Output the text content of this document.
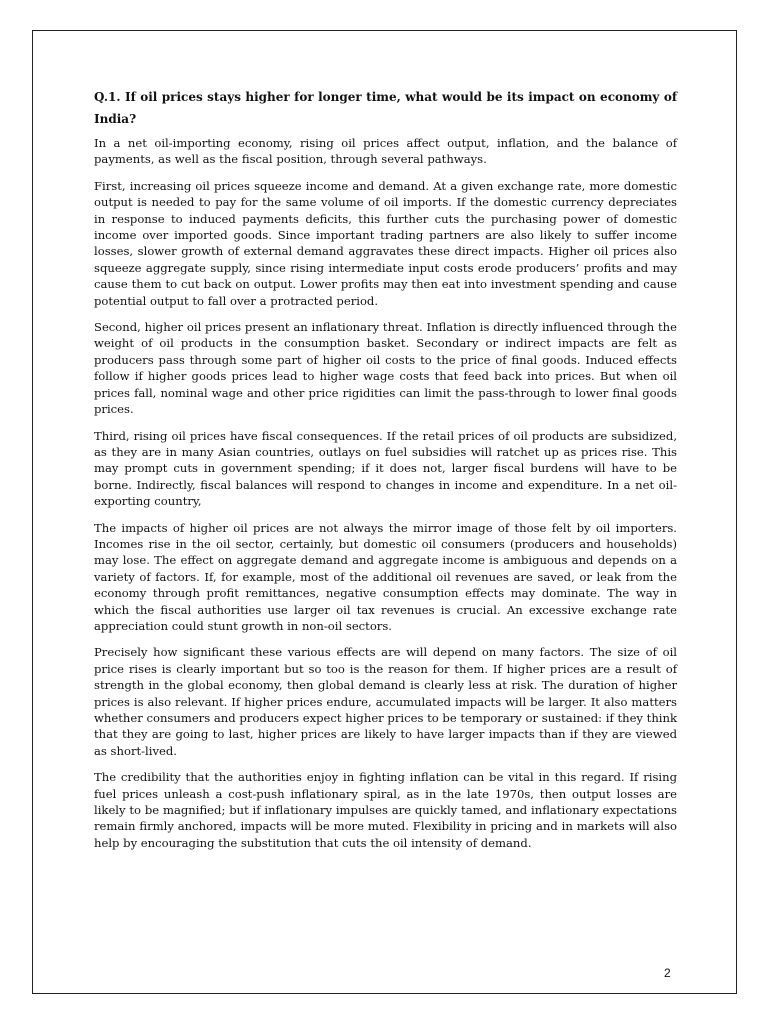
Q.1. If oil prices stays higher for longer time, what would be its impact on economy of India?

In a net oil-importing economy, rising oil prices affect output, inflation, and the balance of payments, as well as the fiscal position, through several pathways.

First, increasing oil prices squeeze income and demand. At a given exchange rate, more domestic output is needed to pay for the same volume of oil imports. If the domestic currency depreciates in response to induced payments deficits, this further cuts the purchasing power of domestic income over imported goods. Since important trading partners are also likely to suffer income losses, slower growth of external demand aggravates these direct impacts. Higher oil prices also squeeze aggregate supply, since rising intermediate input costs erode producers’ profits and may cause them to cut back on output. Lower profits may then eat into investment spending and cause potential output to fall over a protracted period.

Second, higher oil prices present an inflationary threat. Inflation is directly influenced through the weight of oil products in the consumption basket. Secondary or indirect impacts are felt as producers pass through some part of higher oil costs to the price of final goods. Induced effects follow if higher goods prices lead to higher wage costs that feed back into prices. But when oil prices fall, nominal wage and other price rigidities can limit the pass-through to lower final goods prices.

Third, rising oil prices have fiscal consequences. If the retail prices of oil products are subsidized, as they are in many Asian countries, outlays on fuel subsidies will ratchet up as prices rise. This may prompt cuts in government spending; if it does not, larger fiscal burdens will have to be borne. Indirectly, fiscal balances will respond to changes in income and expenditure. In a net oil-exporting country,

The impacts of higher oil prices are not always the mirror image of those felt by oil importers. Incomes rise in the oil sector, certainly, but domestic oil consumers (producers and households) may lose. The effect on aggregate demand and aggregate income is ambiguous and depends on a variety of factors. If, for example, most of the additional oil revenues are saved, or leak from the economy through profit remittances, negative consumption effects may dominate. The way in which the fiscal authorities use larger oil tax revenues is crucial. An excessive exchange rate appreciation could stunt growth in non-oil sectors.

Precisely how significant these various effects are will depend on many factors. The size of oil price rises is clearly important but so too is the reason for them. If higher prices are a result of strength in the global economy, then global demand is clearly less at risk. The duration of higher prices is also relevant. If higher prices endure, accumulated impacts will be larger. It also matters whether consumers and producers expect higher prices to be temporary or sustained: if they think that they are going to last, higher prices are likely to have larger impacts than if they are viewed as short-lived.

The credibility that the authorities enjoy in fighting inflation can be vital in this regard. If rising fuel prices unleash a cost-push inflationary spiral, as in the late 1970s, then output losses are likely to be magnified; but if inflationary impulses are quickly tamed, and inflationary expectations remain firmly anchored, impacts will be more muted. Flexibility in pricing and in markets will also help by encouraging the substitution that cuts the oil intensity of demand.

2
